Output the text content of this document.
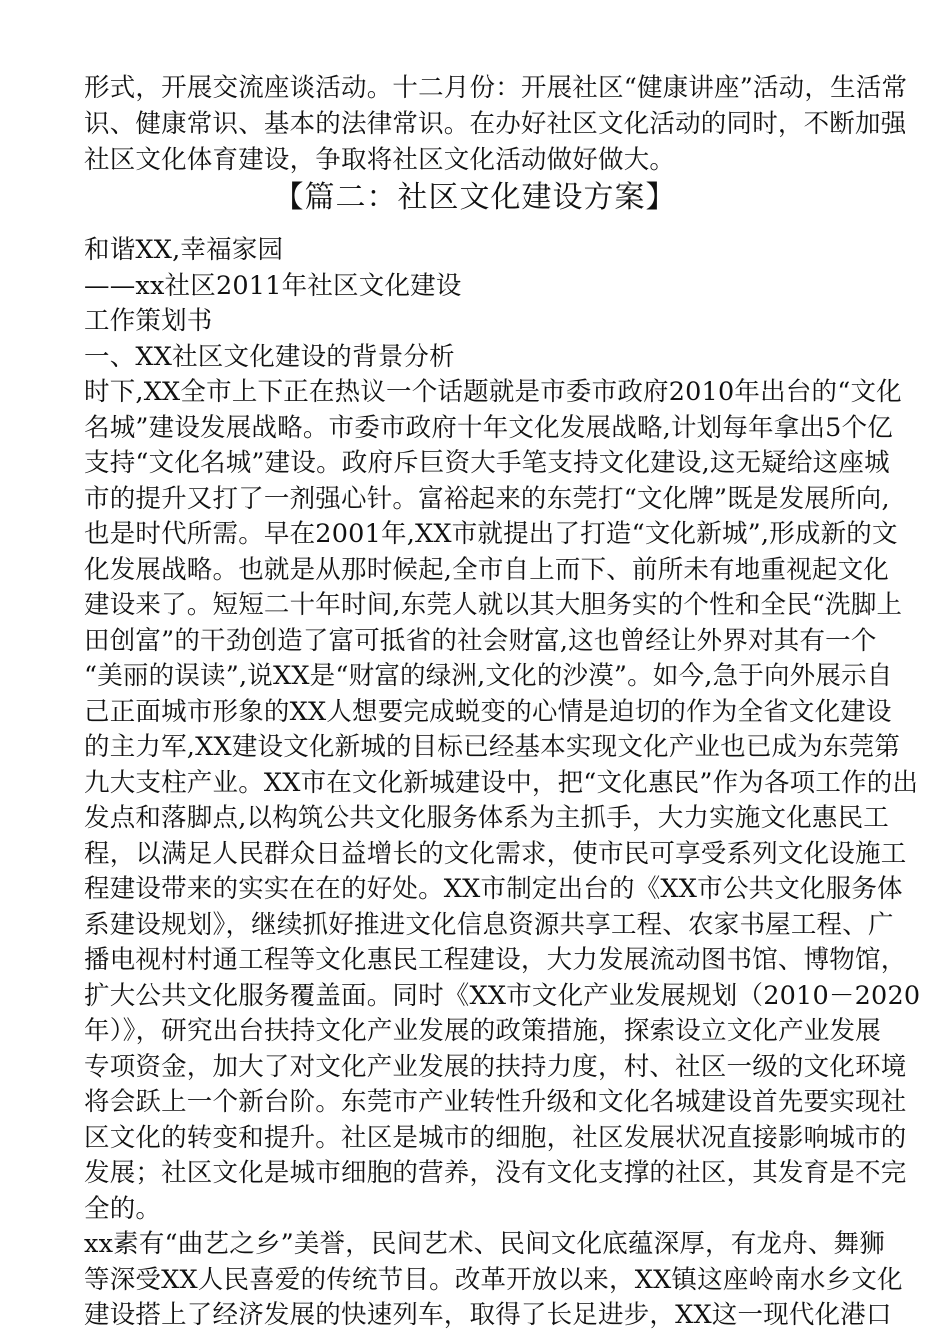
形式，开展交流座谈活动。十二月份：开展社区“健康讲座”活动，生活常
识、健康常识、基本的法律常识。在办好社区文化活动的同时，不断加强
社区文化体育建设，争取将社区文化活动做好做大。
【篇二：社区文化建设方案】
和谐XX,幸福家园
——xx社区2011年社区文化建设
工作策划书
一、XX社区文化建设的背景分析
时下,XX全市上下正在热议一个话题就是市委市政府2010年出台的“文化
名城”建设发展战略。市委市政府十年文化发展战略,计划每年拿出5个亿
支持“文化名城”建设。政府斥巨资大手笔支持文化建设,这无疑给这座城
市的提升又打了一剂强心针。富裕起来的东莞打“文化牌”既是发展所向,
也是时代所需。早在2001年,XX市就提出了打造“文化新城”,形成新的文
化发展战略。也就是从那时候起,全市自上而下、前所未有地重视起文化
建设来了。短短二十年时间,东莞人就以其大胆务实的个性和全民“洗脚上
田创富”的干劲创造了富可抵省的社会财富,这也曾经让外界对其有一个
“美丽的误读”,说XX是“财富的绿洲,文化的沙漠”。如今,急于向外展示自
己正面城市形象的XX人想要完成蜕变的心情是迫切的作为全省文化建设
的主力军,XX建设文化新城的目标已经基本实现文化产业也已成为东莞第
九大支柱产业。XX市在文化新城建设中，把“文化惠民”作为各项工作的出
发点和落脚点,以构筑公共文化服务体系为主抓手，大力实施文化惠民工
程，以满足人民群众日益增长的文化需求，使市民可享受系列文化设施工
程建设带来的实实在在的好处。XX市制定出台的《XX市公共文化服务体
系建设规划》，继续抓好推进文化信息资源共享工程、农家书屋工程、广
播电视村村通工程等文化惠民工程建设，大力发展流动图书馆、博物馆，
扩大公共文化服务覆盖面。同时《XX市文化产业发展规划（2010－2020
年）》，研究出台扶持文化产业发展的政策措施，探索设立文化产业发展
专项资金，加大了对文化产业发展的扶持力度，村、社区一级的文化环境
将会跃上一个新台阶。东莞市产业转性升级和文化名城建设首先要实现社
区文化的转变和提升。社区是城市的细胞，社区发展状况直接影响城市的
发展；社区文化是城市细胞的营养，没有文化支撑的社区，其发育是不完
全的。
xx素有“曲艺之乡”美誉，民间艺术、民间文化底蕴深厚，有龙舟、舞狮
等深受XX人民喜爱的传统节目。改革开放以来，XX镇这座岭南水乡文化
建设搭上了经济发展的快速列车，取得了长足进步，XX这一现代化港口
